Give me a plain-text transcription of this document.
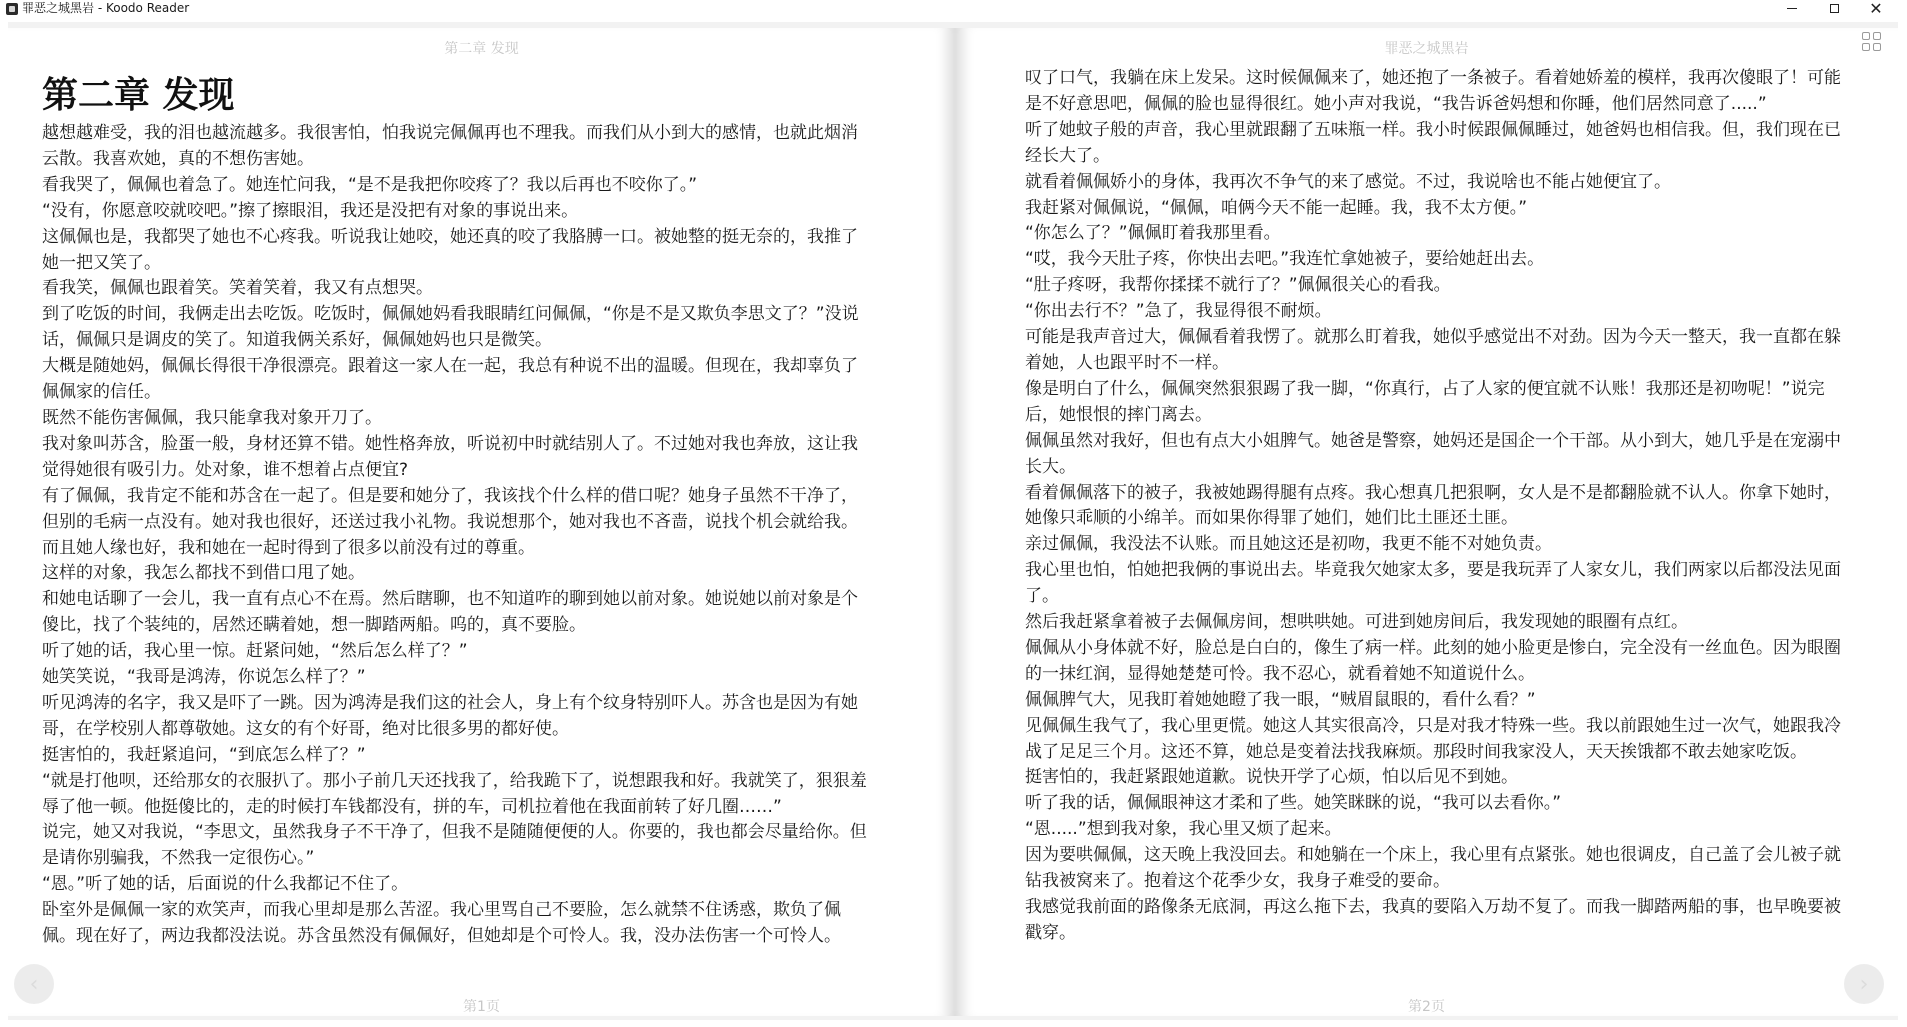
罪恶之城黑岩 - Koodo Reader	✕
第二章 发现
第二章 发现

越想越难受，我的泪也越流越多。我很害怕，怕我说完佩佩再也不理我。而我们从小到大的感情，也就此烟消云散。我喜欢她，真的不想伤害她。

看我哭了，佩佩也着急了。她连忙问我，“是不是我把你咬疼了？我以后再也不咬你了。”

“没有，你愿意咬就咬吧。”擦了擦眼泪，我还是没把有对象的事说出来。

这佩佩也是，我都哭了她也不心疼我。听说我让她咬，她还真的咬了我胳膊一口。被她整的挺无奈的，我推了她一把又笑了。

看我笑，佩佩也跟着笑。笑着笑着，我又有点想哭。

到了吃饭的时间，我俩走出去吃饭。吃饭时，佩佩她妈看我眼睛红问佩佩，“你是不是又欺负李思文了？”没说话，佩佩只是调皮的笑了。知道我俩关系好，佩佩她妈也只是微笑。

大概是随她妈，佩佩长得很干净很漂亮。跟着这一家人在一起，我总有种说不出的温暖。但现在，我却辜负了佩佩家的信任。

既然不能伤害佩佩，我只能拿我对象开刀了。

我对象叫苏含，脸蛋一般，身材还算不错。她性格奔放，听说初中时就结别人了。不过她对我也奔放，这让我觉得她很有吸引力。处对象，谁不想着占点便宜?

有了佩佩，我肯定不能和苏含在一起了。但是要和她分了，我该找个什么样的借口呢？她身子虽然不干净了，但别的毛病一点没有。她对我也很好，还送过我小礼物。我说想那个，她对我也不吝啬，说找个机会就给我。而且她人缘也好，我和她在一起时得到了很多以前没有过的尊重。

这样的对象，我怎么都找不到借口甩了她。

和她电话聊了一会儿，我一直有点心不在焉。然后瞎聊，也不知道咋的聊到她以前对象。她说她以前对象是个傻比，找了个装纯的，居然还瞒着她，想一脚踏两船。呜的，真不要脸。

听了她的话，我心里一惊。赶紧问她，“然后怎么样了？”

她笑笑说，“我哥是鸿涛，你说怎么样了？”

听见鸿涛的名字，我又是吓了一跳。因为鸿涛是我们这的社会人，身上有个纹身特别吓人。苏含也是因为有她哥，在学校别人都尊敬她。这女的有个好哥，绝对比很多男的都好使。

挺害怕的，我赶紧追问，“到底怎么样了？”

“就是打他呗，还给那女的衣服扒了。那小子前几天还找我了，给我跪下了，说想跟我和好。我就笑了，狠狠羞辱了他一顿。他挺傻比的，走的时候打车钱都没有，拼的车，司机拉着他在我面前转了好几圈……”

说完，她又对我说，“李思文，虽然我身子不干净了，但我不是随随便便的人。你要的，我也都会尽量给你。但是请你别骗我，不然我一定很伤心。”

“恩。”听了她的话，后面说的什么我都记不住了。

卧室外是佩佩一家的欢笑声，而我心里却是那么苦涩。我心里骂自己不要脸，怎么就禁不住诱惑，欺负了佩佩。现在好了，两边我都没法说。苏含虽然没有佩佩好，但她却是个可怜人。我，没办法伤害一个可怜人。

第1页
罪恶之城黑岩

叹了口气，我躺在床上发呆。这时候佩佩来了，她还抱了一条被子。看着她娇羞的模样，我再次傻眼了！可能是不好意思吧，佩佩的脸也显得很红。她小声对我说，“我告诉爸妈想和你睡，他们居然同意了.....”

听了她蚊子般的声音，我心里就跟翻了五味瓶一样。我小时候跟佩佩睡过，她爸妈也相信我。但，我们现在已经长大了。

就看着佩佩娇小的身体，我再次不争气的来了感觉。不过，我说啥也不能占她便宜了。

我赶紧对佩佩说，“佩佩，咱俩今天不能一起睡。我，我不太方便。”

“你怎么了？”佩佩盯着我那里看。

“哎，我今天肚子疼，你快出去吧。”我连忙拿她被子，要给她赶出去。

“肚子疼呀，我帮你揉揉不就行了？”佩佩很关心的看我。

“你出去行不？”急了，我显得很不耐烦。

可能是我声音过大，佩佩看着我愣了。就那么盯着我，她似乎感觉出不对劲。因为今天一整天，我一直都在躲着她，人也跟平时不一样。

像是明白了什么，佩佩突然狠狠踢了我一脚，“你真行，占了人家的便宜就不认账！我那还是初吻呢！”说完后，她恨恨的摔门离去。

佩佩虽然对我好，但也有点大小姐脾气。她爸是警察，她妈还是国企一个干部。从小到大，她几乎是在宠溺中长大。

看着佩佩落下的被子，我被她踢得腿有点疼。我心想真几把狠啊，女人是不是都翻脸就不认人。你拿下她时，她像只乖顺的小绵羊。而如果你得罪了她们，她们比土匪还土匪。

亲过佩佩，我没法不认账。而且她这还是初吻，我更不能不对她负责。

我心里也怕，怕她把我俩的事说出去。毕竟我欠她家太多，要是我玩弄了人家女儿，我们两家以后都没法见面了。

然后我赶紧拿着被子去佩佩房间，想哄哄她。可进到她房间后，我发现她的眼圈有点红。

佩佩从小身体就不好，脸总是白白的，像生了病一样。此刻的她小脸更是惨白，完全没有一丝血色。因为眼圈的一抹红润，显得她楚楚可怜。我不忍心，就看着她不知道说什么。

佩佩脾气大，见我盯着她她瞪了我一眼，“贼眉鼠眼的，看什么看？”

见佩佩生我气了，我心里更慌。她这人其实很高冷，只是对我才特殊一些。我以前跟她生过一次气，她跟我冷战了足足三个月。这还不算，她总是变着法找我麻烦。那段时间我家没人，天天挨饿都不敢去她家吃饭。

挺害怕的，我赶紧跟她道歉。说快开学了心烦，怕以后见不到她。

听了我的话，佩佩眼神这才柔和了些。她笑眯眯的说，“我可以去看你。”

“恩.....”想到我对象，我心里又烦了起来。

因为要哄佩佩，这天晚上我没回去。和她躺在一个床上，我心里有点紧张。她也很调皮，自己盖了会儿被子就钻我被窝来了。抱着这个花季少女，我身子难受的要命。

我感觉我前面的路像条无底洞，再这么拖下去，我真的要陷入万劫不复了。而我一脚踏两船的事，也早晚要被戳穿。

第2页
‹	›
